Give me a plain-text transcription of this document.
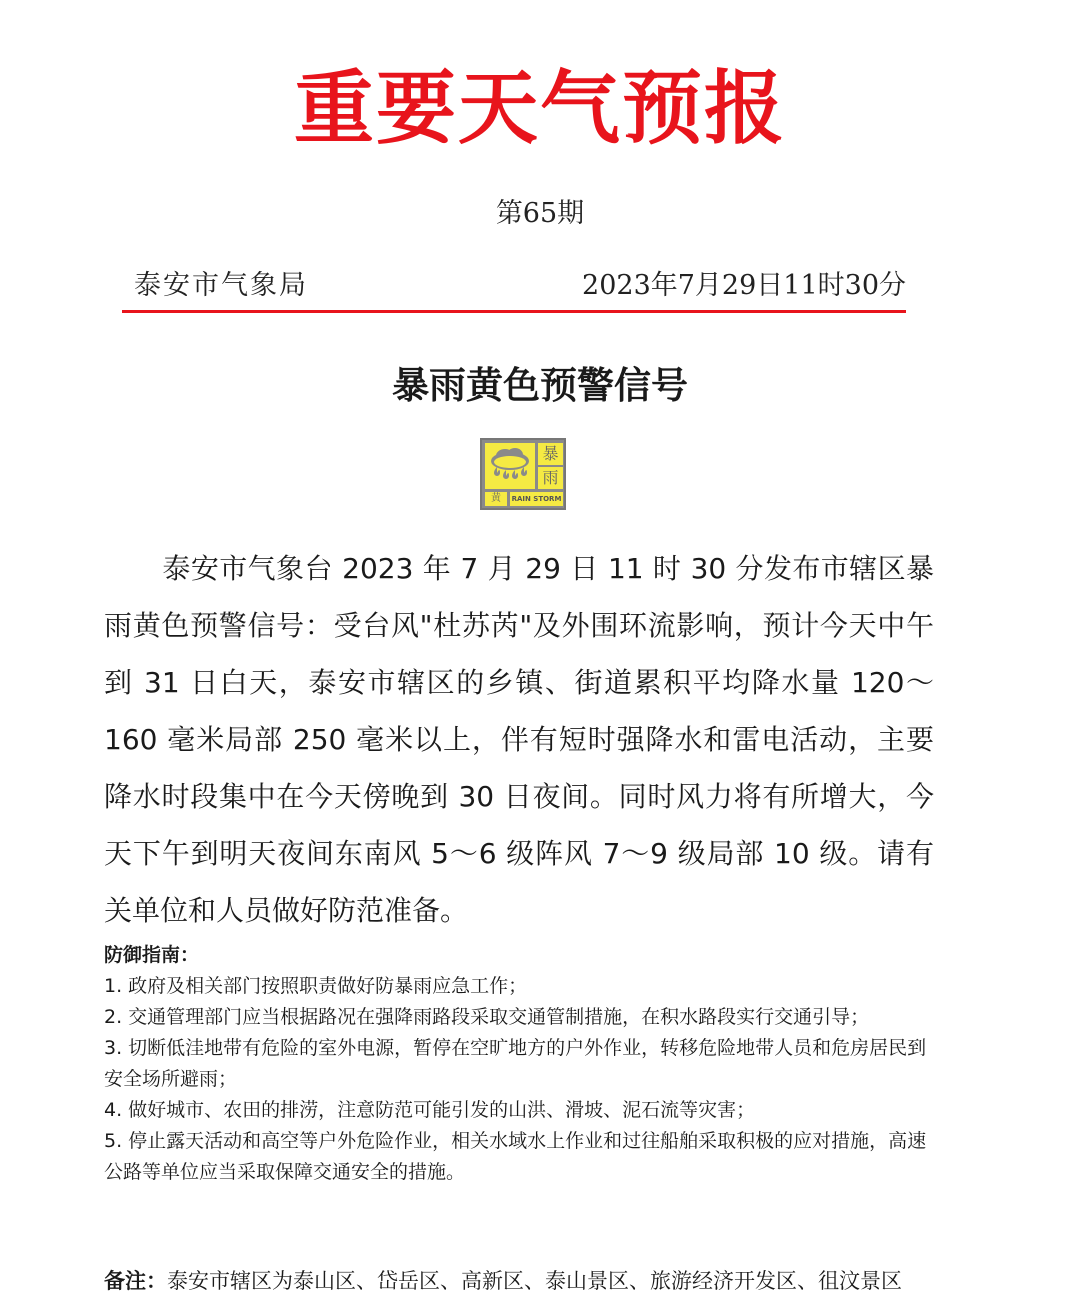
重要天气预报
第65期
泰安市气象局	2023年7月29日11时30分
暴雨黄色预警信号
暴
雨
黄	RAIN STORM
泰安市气象台 2023 年 7 月 29 日 11 时 30 分发布市辖区暴雨黄色预警信号：受台风"杜苏芮"及外围环流影响，预计今天中午到 31 日白天，泰安市辖区的乡镇、街道累积平均降水量 120～160 毫米局部 250 毫米以上，伴有短时强降水和雷电活动，主要降水时段集中在今天傍晚到 30 日夜间。同时风力将有所增大，今天下午到明天夜间东南风 5～6 级阵风 7～9 级局部 10 级。请有关单位和人员做好防范准备。
防御指南：

1. 政府及相关部门按照职责做好防暴雨应急工作；

2. 交通管理部门应当根据路况在强降雨路段采取交通管制措施，在积水路段实行交通引导；

3. 切断低洼地带有危险的室外电源，暂停在空旷地方的户外作业，转移危险地带人员和危房居民到安全场所避雨；

4. 做好城市、农田的排涝，注意防范可能引发的山洪、滑坡、泥石流等灾害；

5. 停止露天活动和高空等户外危险作业，相关水域水上作业和过往船舶采取积极的应对措施，高速公路等单位应当采取保障交通安全的措施。

备注：泰安市辖区为泰山区、岱岳区、高新区、泰山景区、旅游经济开发区、徂汶景区
